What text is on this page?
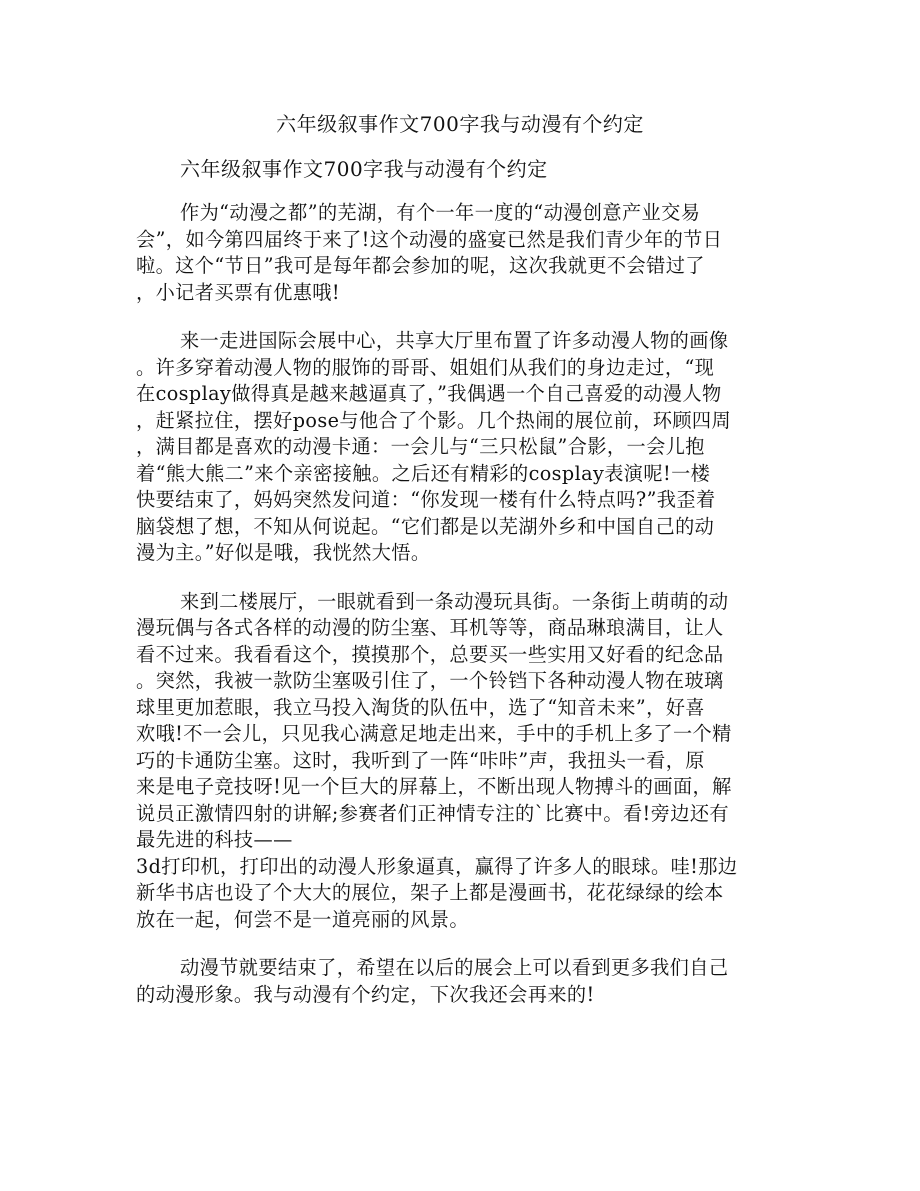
六年级叙事作文700字我与动漫有个约定
六年级叙事作文700字我与动漫有个约定
作为“动漫之都”的芜湖，有个一年一度的“动漫创意产业交易
会”，如今第四届终于来了!这个动漫的盛宴已然是我们青少年的节日
啦。这个“节日”我可是每年都会参加的呢，这次我就更不会错过了
，小记者买票有优惠哦!
来一走进国际会展中心，共享大厅里布置了许多动漫人物的画像
。许多穿着动漫人物的服饰的哥哥、姐姐们从我们的身边走过，“现
在cosplay做得真是越来越逼真了，”我偶遇一个自己喜爱的动漫人物
，赶紧拉住，摆好pose与他合了个影。几个热闹的展位前，环顾四周
，满目都是喜欢的动漫卡通：一会儿与“三只松鼠”合影，一会儿抱
着“熊大熊二”来个亲密接触。之后还有精彩的cosplay表演呢!一楼
快要结束了，妈妈突然发问道：“你发现一楼有什么特点吗?”我歪着
脑袋想了想，不知从何说起。“它们都是以芜湖外乡和中国自己的动
漫为主。”好似是哦，我恍然大悟。
来到二楼展厅，一眼就看到一条动漫玩具街。一条街上萌萌的动
漫玩偶与各式各样的动漫的防尘塞、耳机等等，商品琳琅满目，让人
看不过来。我看看这个，摸摸那个，总要买一些实用又好看的纪念品
。突然，我被一款防尘塞吸引住了，一个铃铛下各种动漫人物在玻璃
球里更加惹眼，我立马投入淘货的队伍中，选了“知音未来”，好喜
欢哦!不一会儿，只见我心满意足地走出来，手中的手机上多了一个精
巧的卡通防尘塞。这时，我听到了一阵“咔咔”声，我扭头一看，原
来是电子竞技呀!见一个巨大的屏幕上，不断出现人物搏斗的画面，解
说员正激情四射的讲解;参赛者们正神情专注的`比赛中。看!旁边还有
最先进的科技——
3d打印机，打印出的动漫人形象逼真，赢得了许多人的眼球。哇!那边
新华书店也设了个大大的展位，架子上都是漫画书，花花绿绿的绘本
放在一起，何尝不是一道亮丽的风景。
动漫节就要结束了，希望在以后的展会上可以看到更多我们自己
的动漫形象。我与动漫有个约定，下次我还会再来的!
